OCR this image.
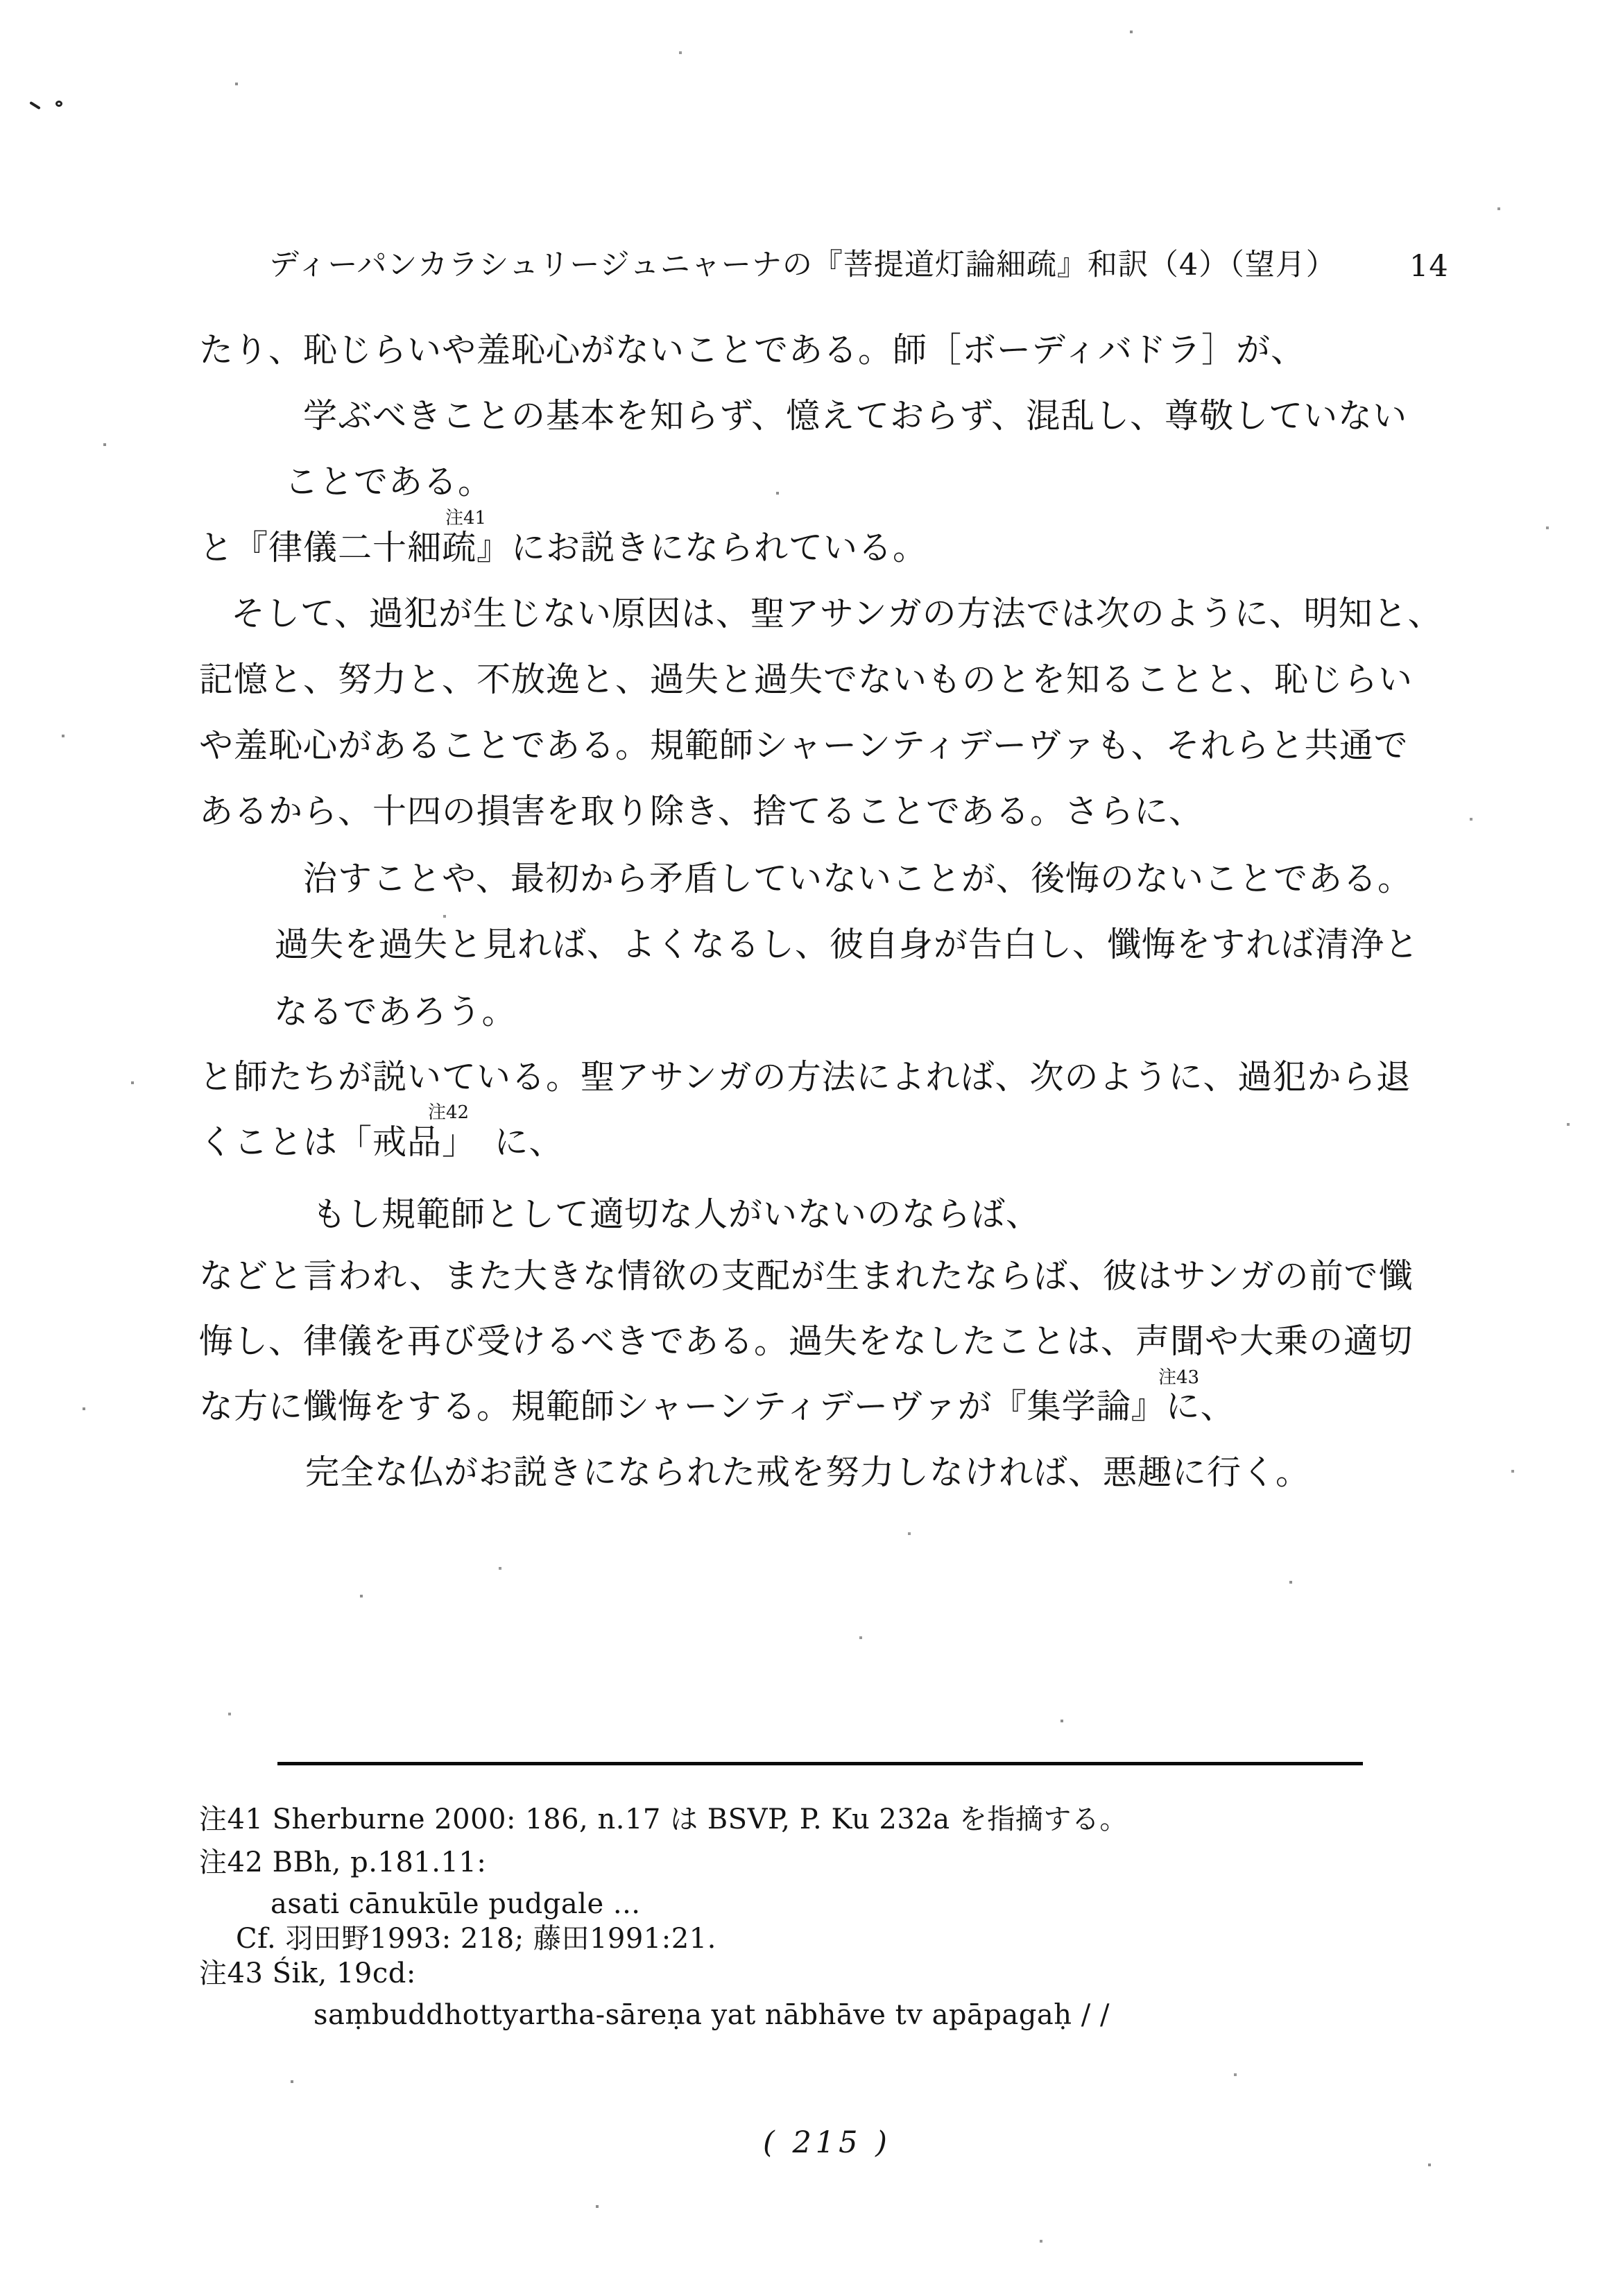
ディーパンカラシュリージュニャーナの『菩提道灯論細疏』和訳（4）（望月）

14

たり、恥じらいや羞恥心がないことである。師［ボーディバドラ］が、
学ぶべきことの基本を知らず、憶えておらず、混乱し、尊敬していない
ことである。
と『律儀二十細疏』にお説きになられている。
そして、過犯が生じない原因は、聖アサンガの方法では次のように、明知と、
記憶と、努力と、不放逸と、過失と過失でないものとを知ることと、恥じらい
や羞恥心があることである。規範師シャーンティデーヴァも、それらと共通で
あるから、十四の損害を取り除き、捨てることである。さらに、
治すことや、最初から矛盾していないことが、後悔のないことである。
過失を過失と見れば、よくなるし、彼自身が告白し、懺悔をすれば清浄と
なるであろう。
と師たちが説いている。聖アサンガの方法によれば、次のように、過犯から退
くことは「戒品」　に、
もし規範師として適切な人がいないのならば、
などと言われ、また大きな情欲の支配が生まれたならば、彼はサンガの前で懺
悔し、律儀を再び受けるべきである。過失をなしたことは、声聞や大乗の適切
な方に懺悔をする。規範師シャーンティデーヴァが『集学論』に、
完全な仏がお説きになられた戒を努力しなければ、悪趣に行く。
注41
注42
注43
注41 Sherburne 2000: 186, n.17 は BSVP, P. Ku 232a を指摘する。
注42 BBh, p.181.11:
asati cānukūle pudgale ...
Cf. 羽田野1993: 218; 藤田1991:21.
注43 Śik, 19cd:
saṃbuddhottyartha-sāreṇa yat nābhāve tv apāpagaḥ / /
( 215 )
